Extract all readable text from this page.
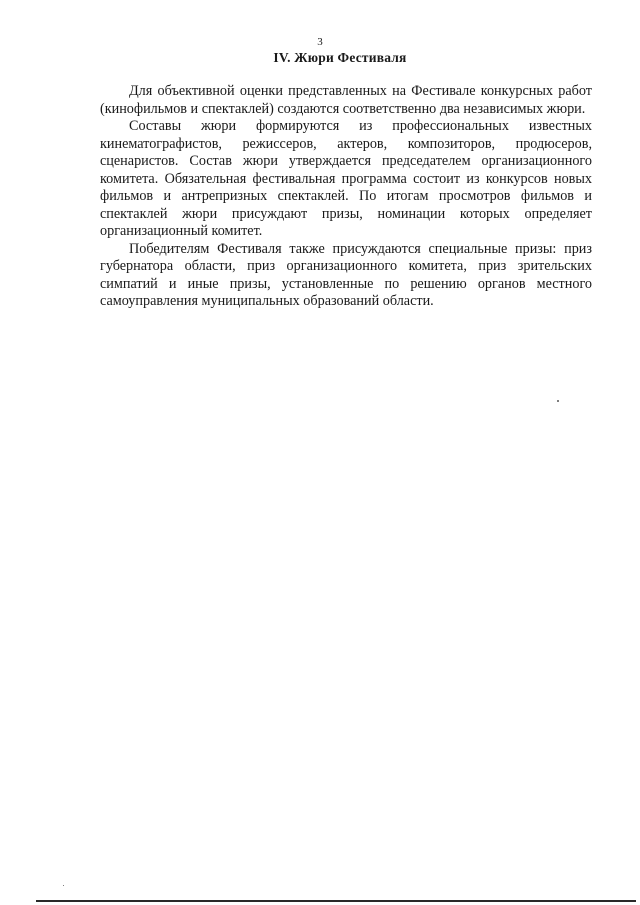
3
IV. Жюри Фестиваля

Для объективной оценки представленных на Фестивале конкурсных работ (кинофильмов и спектаклей) создаются соответственно два независимых жюри.

Составы жюри формируются из профессиональных известных кинематографистов, режиссеров, актеров, композиторов, продюсеров, сценаристов. Состав жюри утверждается председателем организационного комитета. Обязательная фестивальная программа состоит из конкурсов новых фильмов и антрепризных спектаклей. По итогам просмотров фильмов и спектаклей жюри присуждают призы, номинации которых определяет организационный комитет.

Победителям Фестиваля также присуждаются специальные призы: приз губернатора области, приз организационного комитета, приз зрительских симпатий и иные призы, установленные по решению органов местного самоуправления муниципальных образований области.
